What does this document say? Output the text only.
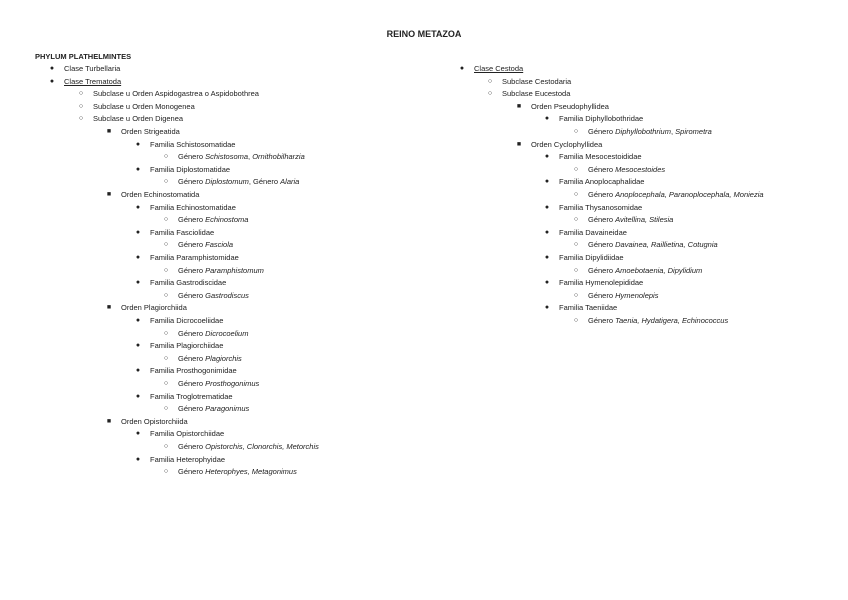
REINO METAZOA
PHYLUM PLATHELMINTES
●	Clase Turbellaria
●	Clase Trematoda
○	Subclase u Orden Aspidogastrea o Aspidobothrea
○	Subclase u Orden Monogenea
○	Subclase u Orden Digenea
■	Orden Strigeatida
●	Familia Schistosomatidae
○	Género Schistosoma, Ornithobilharzia
●	Familia Diplostomatidae
○	Género Diplostomum, Género Alaria
■	Orden Echinostomatida
●	Familia Echinostomatidae
○	Género Echinostoma
●	Familia Fasciolidae
○	Género Fasciola
●	Familia Paramphistomidae
○	Género Paramphistomum
●	Familia Gastrodiscidae
○	Género Gastrodiscus
■	Orden Plagiorchiida
●	Familia Dicrocoeliidae
○	Género Dicrocoelium
●	Familia Plagiorchiidae
○	Género Plagiorchis
●	Familia Prosthogonimidae
○	Género Prosthogonimus
●	Familia Troglotrematidae
○	Género Paragonimus
■	Orden Opistorchiida
●	Familia Opistorchiidae
○	Género Opistorchis, Clonorchis, Metorchis
●	Familia Heterophyidae
○	Género Heterophyes, Metagonimus
●	Clase Cestoda
○	Subclase Cestodaria
○	Subclase Eucestoda
■	Orden Pseudophyllidea
●	Familia Diphyllobothridae
○	Género Diphyllobothrium, Spirometra
■	Orden Cyclophyllidea
●	Familia Mesocestoididae
○	Género Mesocestoides
●	Familia Anoplocaphalidae
○	Género Anoplocephala, Paranoplocephala, Moniezia
●	Familia Thysanosomidae
○	Género Avitellina, Stilesia
●	Familia Davaineidae
○	Género Davainea, Raillietina, Cotugnia
●	Familia Dipylidiidae
○	Género Amoebotaenia, Dipylidium
●	Familia Hymenolepididae
○	Género Hymenolepis
●	Familia Taeniidae
○	Género Taenia, Hydatigera, Echinococcus
